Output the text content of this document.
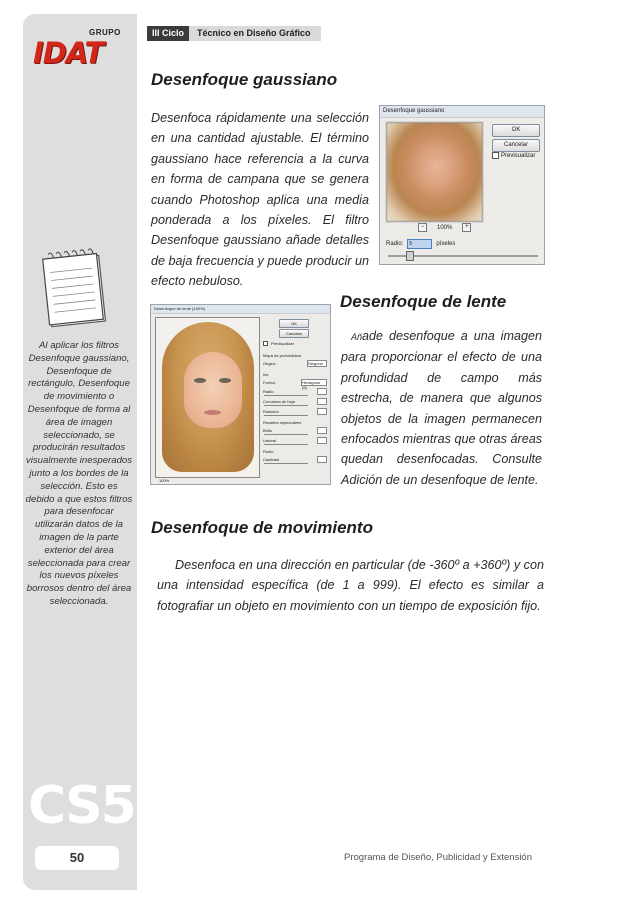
GRUPO
IDAT
Al aplicar los filtros Desenfoque gaussiano, Desenfoque de rectángulo, Desenfoque de movimiento o Desenfoque de forma al área de imagen seleccionado, se producirán resultados visualmente inesperados junto a los bordes de la selección. Esto es debido a que estos filtros para desenfocar utilizarán datos de la imagen de la parte exterior del área seleccionada para crear los nuevos píxeles borrosos dentro del área seleccionada.
CS5
50
III Ciclo	Técnico en Diseño Gráfico
Desenfoque gaussiano
Desenfoca rápidamente una selección en una cantidad ajustable. El término gaussiano hace referencia a la curva en forma de campana que se genera cuando Photoshop aplica una media ponderada a los píxeles. El filtro Desenfoque gaussiano añade detalles de baja frecuencia y puede producir un efecto nebuloso.
Desenfoque gaussiano
OK
Cancelar
Previsualizar
−	100%	+
Radio:	5	píxeles
Desenfoque de lente
Añade desenfoque a una imagen para proporcionar el efecto de una profundidad de campo más estrecha, de manera que algunos objetos de la imagen permanecen enfocados mientras que otras áreas quedan desenfocadas. Consulte Adición de un desenfoque de lente.
Desenfoque de lente (100%)
OK
Cancelar
Previsualizar
Mapa de profundidad
Origen:	Ninguno
Iris
Forma:	Hexágono (6)
Radio
Curvatura de hoja
Rotación
Resaltes especulares
Brillo
Umbral
Ruido
Cantidad
100%
Desenfoque de movimiento
Desenfoca en una dirección en particular (de -360º a +360º) y con una intensidad específica (de 1 a 999). El efecto es similar a fotografiar un objeto en movimiento con un tiempo de exposición fijo.
Programa de Diseño, Publicidad y Extensión
